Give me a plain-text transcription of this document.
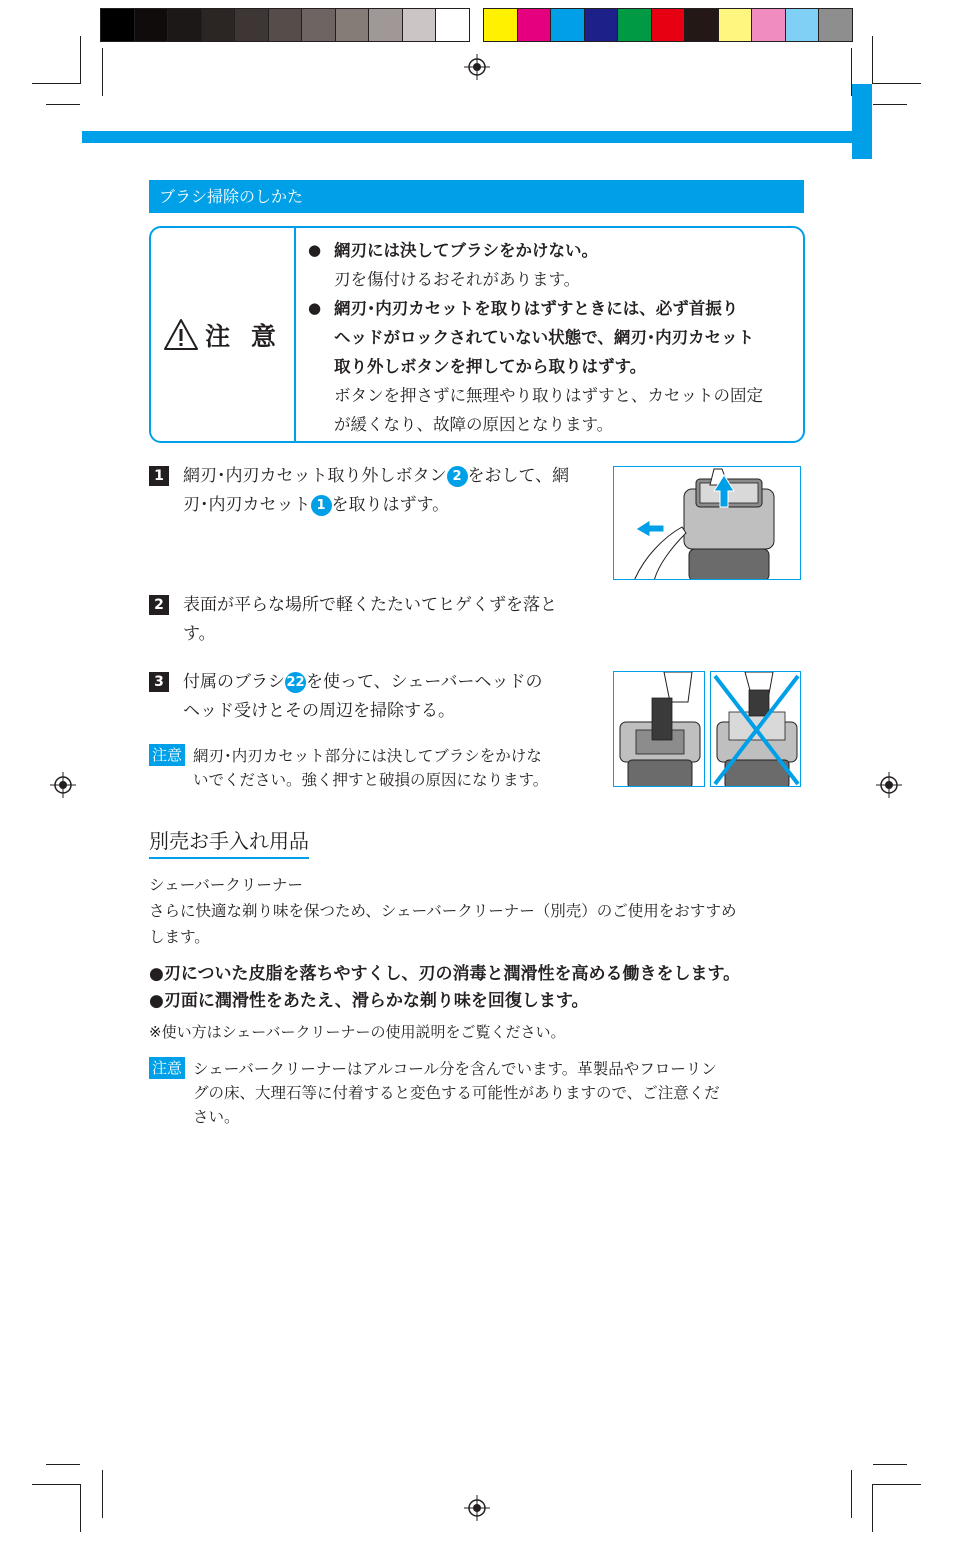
ブラシ掃除のしかた
注 意
● 網刃には決してブラシをかけない。
刃を傷付けるおそれがあります。
● 網刃･内刃カセットを取りはずすときには、必ず首振り
ヘッドがロックされていない状態で、網刃･内刃カセット
取り外しボタンを押してから取りはずす。
ボタンを押さずに無理やり取りはずすと、カセットの固定
が緩くなり、故障の原因となります。
1	網刃･内刃カセット取り外しボタン 2 をおして、網
刃･内刃カセット 1 を取りはずす。
2	表面が平らな場所で軽くたたいてヒゲくずを落と
す。
3	付属のブラシ22を使って、シェーバーヘッドの
ヘッド受けとその周辺を掃除する。
注意 網刃･内刃カセット部分には決してブラシをかけな
いでください。強く押すと破損の原因になります。
別売お手入れ用品
シェーバークリーナー
さらに快適な剃り味を保つため、シェーバークリーナー（別売）のご使用をおすすめ
します。
●刃についた皮脂を落ちやすくし、刃の消毒と潤滑性を高める働きをします。
●刃面に潤滑性をあたえ、滑らかな剃り味を回復します。
※使い方はシェーバークリーナーの使用説明をご覧ください。
注意 シェーバークリーナーはアルコール分を含んでいます。革製品やフローリン
グの床、大理石等に付着すると変色する可能性がありますので、ご注意くだ
さい。
